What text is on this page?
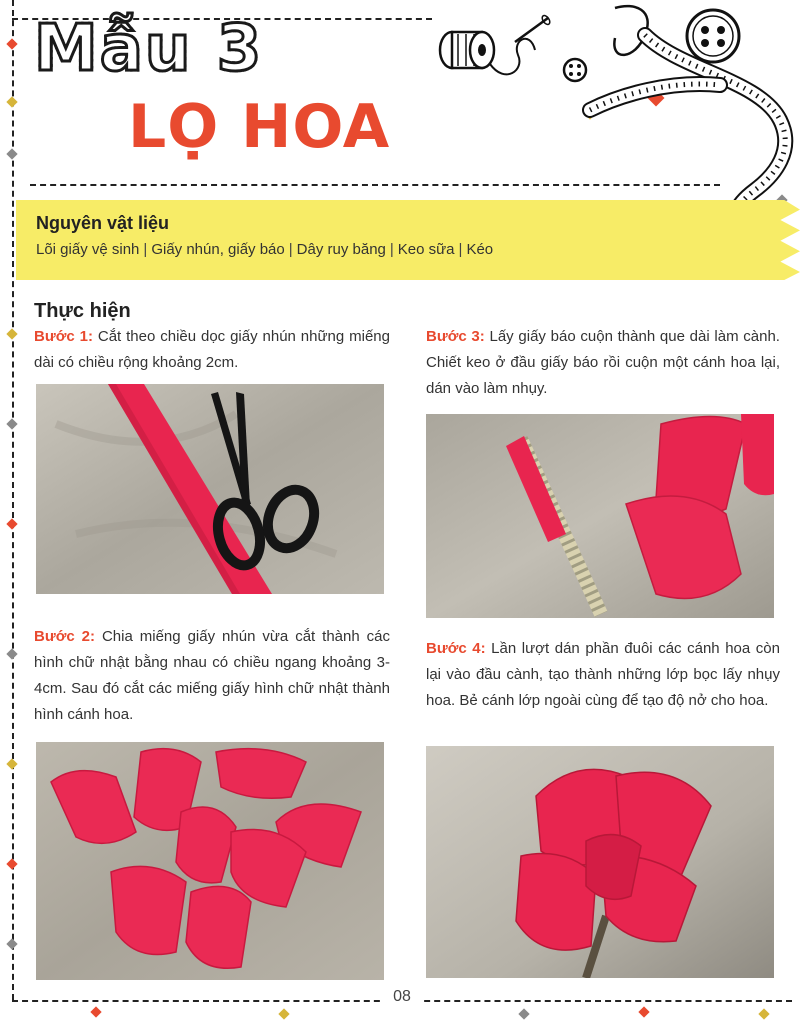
Mẫu 3
LỌ HOA
Nguyên vật liệu
Lõi giấy vệ sinh | Giấy nhún, giấy báo | Dây ruy băng | Keo sữa | Kéo
Thực hiện
Bước 1: Cắt theo chiều dọc giấy nhún những miếng dài có chiều rộng khoảng 2cm.
Bước 2: Chia miếng giấy nhún vừa cắt thành các hình chữ nhật bằng nhau có chiều ngang khoảng 3-4cm. Sau đó cắt các miếng giấy hình chữ nhật thành hình cánh hoa.
Bước 3: Lấy giấy báo cuộn thành que dài làm cành. Chiết keo ở đầu giấy báo rồi cuộn một cánh hoa lại, dán vào làm nhụy.
Bước 4: Lần lượt dán phần đuôi các cánh hoa còn lại vào đầu cành, tạo thành những lớp bọc lấy nhụy hoa. Bẻ cánh lớp ngoài cùng để tạo độ nở cho hoa.
08
